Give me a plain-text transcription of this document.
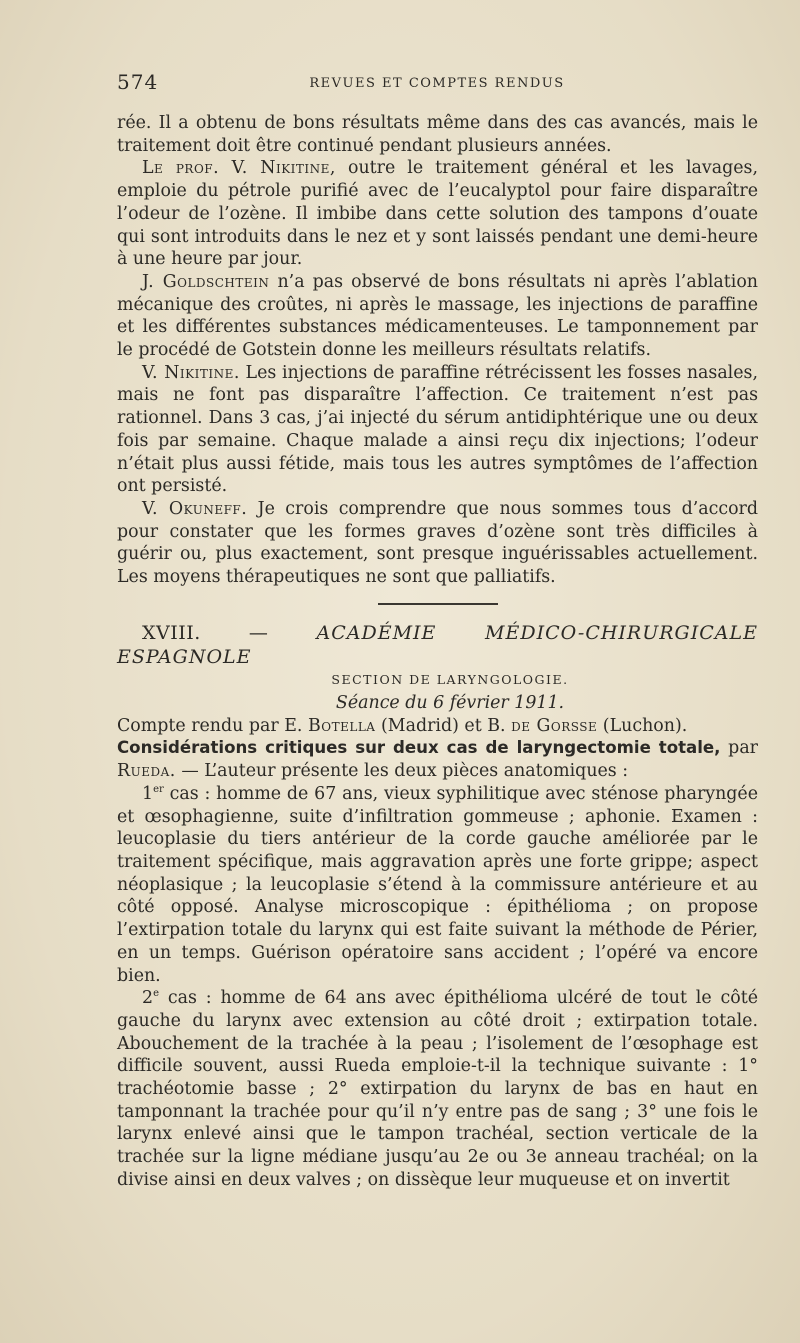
574	REVUES ET COMPTES RENDUS

rée. Il a obtenu de bons résultats même dans des cas avancés, mais le traitement doit être continué pendant plusieurs années.

Le prof. V. Nikitine, outre le traitement général et les lavages, emploie du pétrole purifié avec de l’eucalyptol pour faire disparaître l’odeur de l’ozène. Il imbibe dans cette solution des tampons d’ouate qui sont introduits dans le nez et y sont laissés pendant une demi-heure à une heure par jour.

J. Goldschtein n’a pas observé de bons résultats ni après l’ablation mécanique des croûtes, ni après le massage, les injections de paraffine et les différentes substances médicamenteuses. Le tamponnement par le procédé de Gotstein donne les meilleurs résultats relatifs.

V. Nikitine. Les injections de paraffine rétrécissent les fosses nasales, mais ne font pas disparaître l’affection. Ce traitement n’est pas rationnel. Dans 3 cas, j’ai injecté du sérum antidiphtérique une ou deux fois par semaine. Chaque malade a ainsi reçu dix injections; l’odeur n’était plus aussi fétide, mais tous les autres symptômes de l’affection ont persisté.

V. Okuneff. Je crois comprendre que nous sommes tous d’accord pour constater que les formes graves d’ozène sont très difficiles à guérir ou, plus exactement, sont presque inguérissables actuellement. Les moyens thérapeutiques ne sont que palliatifs.

XVIII. —	ACADÉMIE MÉDICO-CHIRURGICALE ESPAGNOLE

SECTION DE LARYNGOLOGIE.

Séance du 6 février 1911.

Compte rendu par E. Botella (Madrid) et B. de Gorsse (Luchon).

Considérations critiques sur deux cas de laryngectomie totale, par Rueda. — L’auteur présente les deux pièces anatomiques :

1er cas : homme de 67 ans, vieux syphilitique avec sténose pharyngée et œsophagienne, suite d’infiltration gommeuse ; aphonie. Examen : leucoplasie du tiers antérieur de la corde gauche améliorée par le traitement spécifique, mais aggravation après une forte grippe; aspect néoplasique ; la leucoplasie s’étend à la commissure antérieure et au côté opposé. Analyse microscopique : épithélioma ; on propose l’extirpation totale du larynx qui est faite suivant la méthode de Périer, en un temps. Guérison opératoire sans accident ; l’opéré va encore bien.

2e cas : homme de 64 ans avec épithélioma ulcéré de tout le côté gauche du larynx avec extension au côté droit ; extirpation totale. Abouchement de la trachée à la peau ; l’isolement de l’œsophage est difficile souvent, aussi Rueda emploie-t-il la technique suivante : 1° trachéotomie basse ; 2° extirpation du larynx de bas en haut en tamponnant la trachée pour qu’il n’y entre pas de sang ; 3° une fois le larynx enlevé ainsi que le tampon trachéal, section verticale de la trachée sur la ligne médiane jusqu’au 2e ou 3e anneau trachéal; on la divise ainsi en deux valves ; on dissèque leur muqueuse et on invertit
